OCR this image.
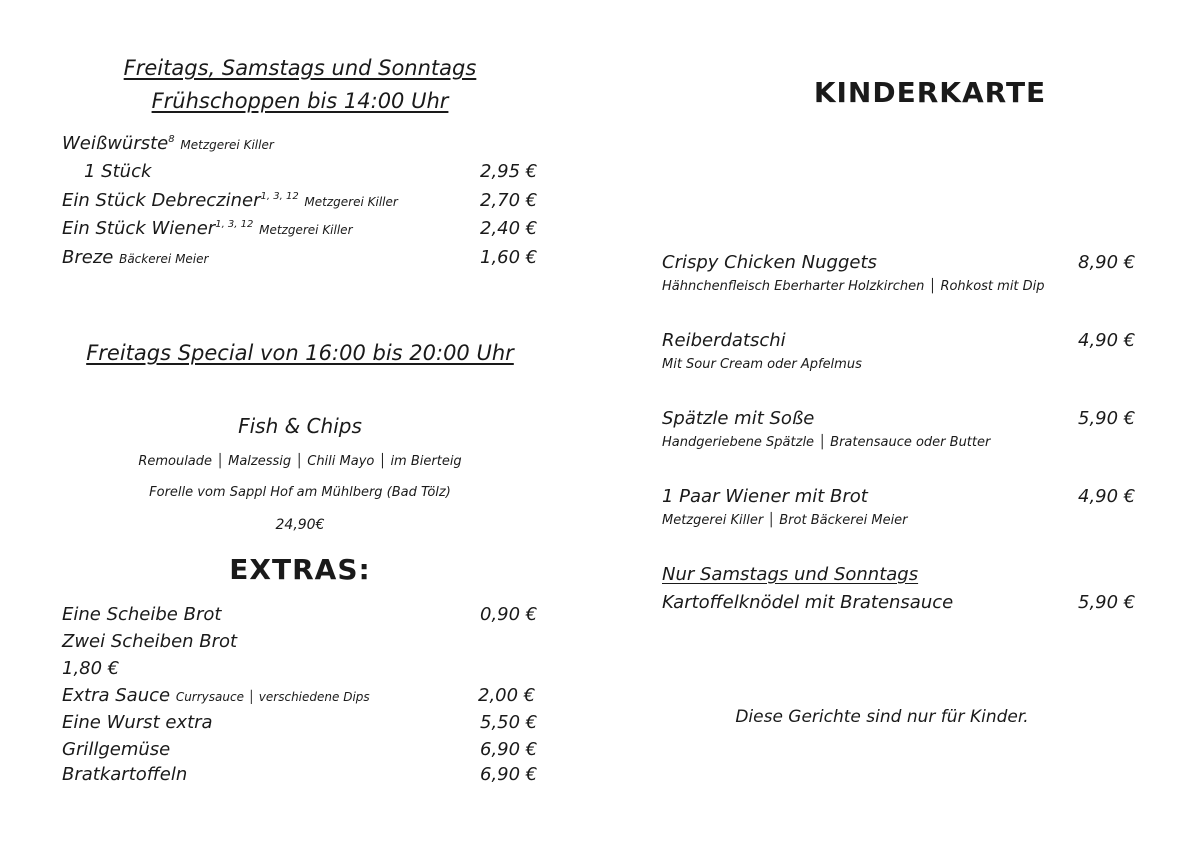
Freitags, Samstags und Sonntags
Frühschoppen bis 14:00 Uhr
Weißwürste$^8$ Metzgerei Killer
1 Stück	2,95 €
Ein Stück Debrecziner$^{1, 3, 12}$ Metzgerei Killer	2,70 €
Ein Stück Wiener$^{1, 3, 12}$ Metzgerei Killer	2,40 €
Breze Bäckerei Meier	1,60 €
Freitags Special von 16:00 bis 20:00 Uhr
Fish & Chips
Remoulade │ Malzessig │ Chili Mayo │ im Bierteig
Forelle vom Sappl Hof am Mühlberg (Bad Tölz)
24,90€
EXTRAS:
Eine Scheibe Brot	0,90 €
Zwei Scheiben Brot
1,80 €
Extra Sauce Currysauce │ verschiedene Dips	2,00 €
Eine Wurst extra	5,50 €
Grillgemüse	6,90 €
Bratkartoffeln	6,90 €
KINDERKARTE
Crispy Chicken Nuggets	8,90 €
Hähnchenfleisch Eberharter Holzkirchen │ Rohkost mit Dip
Reiberdatschi	4,90 €
Mit Sour Cream oder Apfelmus
Spätzle mit Soße	5,90 €
Handgeriebene Spätzle │ Bratensauce oder Butter
1 Paar Wiener mit Brot	4,90 €
Metzgerei Killer │ Brot Bäckerei Meier
Nur Samstags und Sonntags
Kartoffelknödel mit Bratensauce	5,90 €
Diese Gerichte sind nur für Kinder.
